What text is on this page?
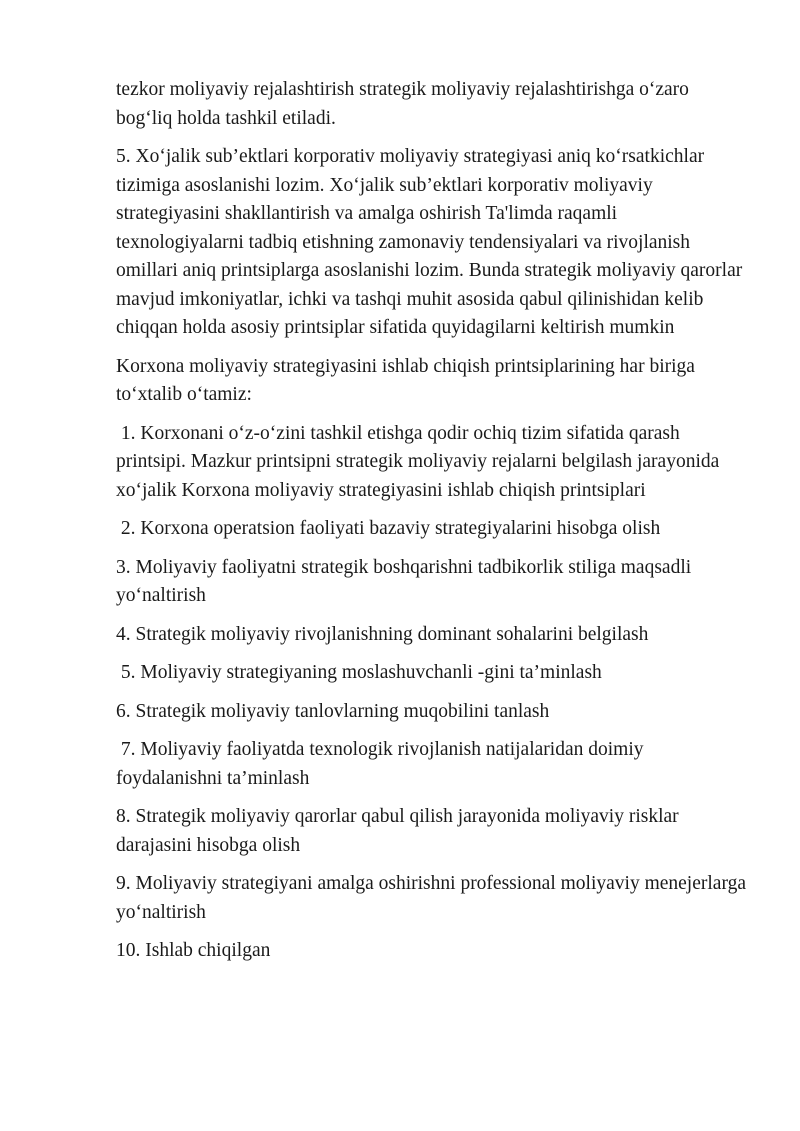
tezkor moliyaviy rejalashtirish strategik moliyaviy rejalashtirishga o‘zaro bog‘liq holda tashkil etiladi.

5. Xo‘jalik sub’ektlari korporativ moliyaviy strategiyasi aniq ko‘rsatkichlar tizimiga asoslanishi lozim. Xo‘jalik sub’ektlari korporativ moliyaviy strategiyasini shakllantirish va amalga oshirish Ta'limda raqamli texnologiyalarni tadbiq etishning zamonaviy tendensiyalari va rivojlanish omillari aniq printsiplarga asoslanishi lozim. Bunda strategik moliyaviy qarorlar mavjud imkoniyatlar, ichki va tashqi muhit asosida qabul qilinishidan kelib chiqqan holda asosiy printsiplar sifatida quyidagilarni keltirish mumkin

Korxona moliyaviy strategiyasini ishlab chiqish printsiplarining har biriga to‘xtalib o‘tamiz:

1. Korxonani o‘z-o‘zini tashkil etishga qodir ochiq tizim sifatida qarash printsipi. Mazkur printsipni strategik moliyaviy rejalarni belgilash jarayonida xo‘jalik Korxona moliyaviy strategiyasini ishlab chiqish printsiplari

2. Korxona operatsion faoliyati bazaviy strategiyalarini hisobga olish

3. Moliyaviy faoliyatni strategik boshqarishni tadbikorlik stiliga maqsadli yo‘naltirish

4. Strategik moliyaviy rivojlanishning dominant sohalarini belgilash

5. Moliyaviy strategiyaning moslashuvchanli -gini ta’minlash

6. Strategik moliyaviy tanlovlarning muqobilini tanlash

7. Moliyaviy faoliyatda texnologik rivojlanish natijalaridan doimiy foydalanishni ta’minlash

8. Strategik moliyaviy qarorlar qabul qilish jarayonida moliyaviy risklar darajasini hisobga olish

9. Moliyaviy strategiyani amalga oshirishni professional moliyaviy menejerlarga yo‘naltirish

10. Ishlab chiqilgan
